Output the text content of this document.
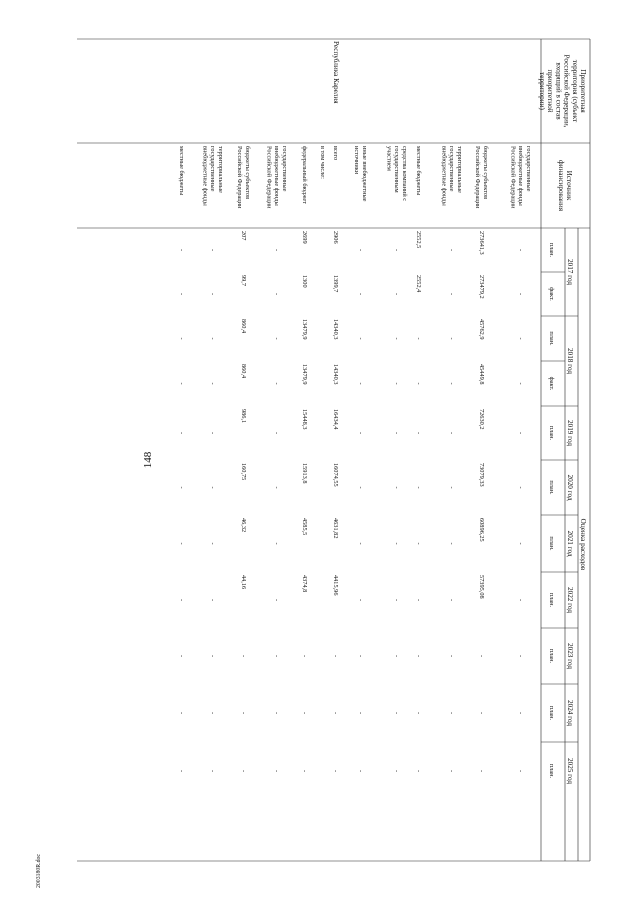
148
2003180R.doc
Оценка расходов
2017 год
план.
факт.
2018 год
план.
факт.
2019 год
план.
2020 год
план.
2021 год
план.
2022 год
план.
2023 год
план.
2024 год
план.
2025 год
план.
Приоритетная
территория (субъект
Российской Федерации,
входящий в состав
приоритетной
территории)
Источник
финансирования
государственные
внебюджетные фонды
Российской Федерации
-
-
-
-
-
-
-
-
-
-
-
бюджеты субъектов
Российской Федерации
273641,3
273479,2
45762,9
45449,8
72630,2
73079,33
60896,25
57395,08
-
-
-
территориальные
государственные
внебюджетные фонды
-
-
-
-
-
-
-
-
-
-
-
местные бюджеты
2552,5
2552,4
-
-
-
-
-
-
-
-
-
средства компаний с
государственным
участием
-
-
-
-
-
-
-
-
-
-
-
иные внебюджетные
источники
-
-
-
-
-
-
-
-
-
-
-
Республика Карелия
всего
2906
1399,7
14340,3
14340,3
16434,4
16074,55
4631,82
4415,96
-
-
-
в том числе:
федеральный бюджет
2699
1300
13479,9
13479,9
15448,3
15913,8
4585,5
4374,8
-
-
-
государственные
внебюджетные фонды
Российской Федерации
-
-
-
-
-
-
-
-
-
-
-
бюджеты субъектов
Российской Федерации
207
99,7
860,4
860,4
986,1
160,75
46,32
44,16
-
-
-
территориальные
государственные
внебюджетные фонды
-
-
-
-
-
-
-
-
-
-
-
местные бюджеты
-
-
-
-
-
-
-
-
-
-
-
